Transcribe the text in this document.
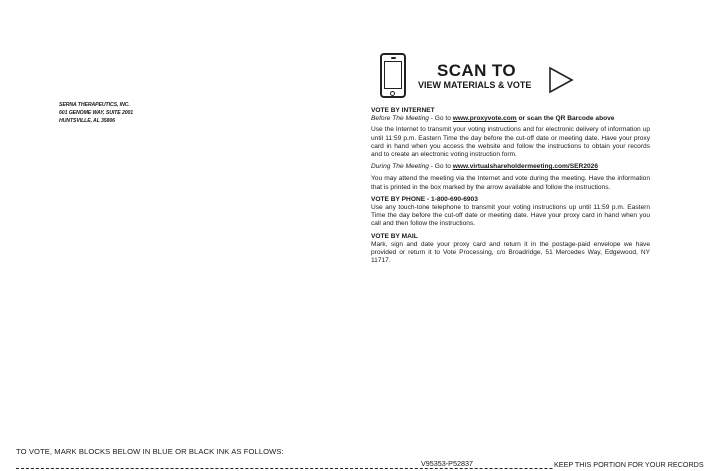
SERNA THERAPEUTICS, INC.
601 GENOME WAY, SUITE 2001
HUNTSVILLE, AL 35806
SCAN TO
VIEW MATERIALS & VOTE
VOTE BY INTERNET

Before The Meeting - Go to www.proxyvote.com or scan the QR Barcode above

Use the Internet to transmit your voting instructions and for electronic delivery of information up until 11:59 p.m. Eastern Time the day before the cut-off date or meeting date. Have your proxy card in hand when you access the website and follow the instructions to obtain your records and to create an electronic voting instruction form.

During The Meeting - Go to www.virtualshareholdermeeting.com/SER2026

You may attend the meeting via the Internet and vote during the meeting. Have the information that is printed in the box marked by the arrow available and follow the instructions.

VOTE BY PHONE - 1-800-690-6903

Use any touch-tone telephone to transmit your voting instructions up until 11:59 p.m. Eastern Time the day before the cut-off date or meeting date. Have your proxy card in hand when you call and then follow the instructions.

VOTE BY MAIL

Mark, sign and date your proxy card and return it in the postage-paid envelope we have provided or return it to Vote Processing, c/o Broadridge, 51 Mercedes Way, Edgewood, NY 11717.

TO VOTE, MARK BLOCKS BELOW IN BLUE OR BLACK INK AS FOLLOWS:
V95353-P52837	KEEP THIS PORTION FOR YOUR RECORDS
